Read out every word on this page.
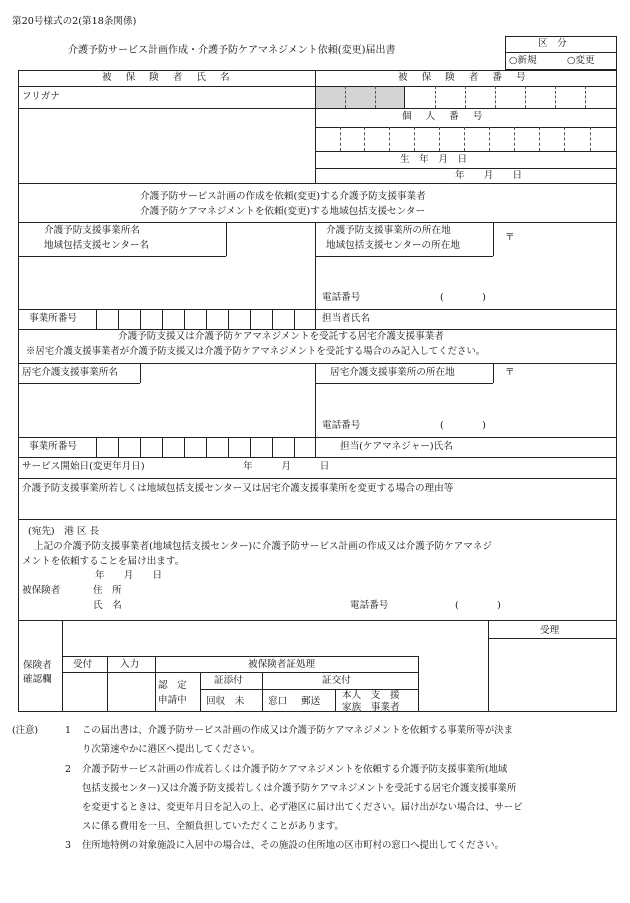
第20号様式の2(第18条関係)
介護予防サービス計画作成・介護予防ケアマネジメント依頼(変更)届出書
区　分
○新規	○変更
被保険者氏名	被保険者番号
フリガナ
個人番号
生　年　月　日
年　　月　　日
介護予防サービス計画の作成を依頼(変更)する介護予防支援事業者
介護予防ケアマネジメントを依頼(変更)する地域包括支援センター
介護予防支援事業所名
地域包括支援センター名
介護予防支援事業所の所在地
地域包括支援センターの所在地
〒
電話番号	(　　　　)
事業所番号	担当者氏名
介護予防支援又は介護予防ケアマネジメントを受託する居宅介護支援事業者
※居宅介護支援事業者が介護予防支援又は介護予防ケアマネジメントを受託する場合のみ記入してください。
居宅介護支援事業所名	居宅介護支援事業所の所在地	〒
電話番号	(　　　　)
事業所番号	担当(ケアマネジャー)氏名
サービス開始日(変更年月日)	年　　　月　　　日
介護予防支援事業所若しくは地域包括支援センター又は居宅介護支援事業所を変更する場合の理由等
(宛先)　港 区 長
上記の介護予防支援事業者(地域包括支援センター)に介護予防サービス計画の作成又は介護予防ケアマネジ
メントを依頼することを届け出ます。
年　　月　　日
被保険者	住　所
氏　名	電話番号	(　　　　)
保険者
確認欄
受理
受付	入力	被保険者証処理
認　定
申請中
証添付	証交付
回収　未 窓口 郵送
本人　支　援
家族　事業者
(注意)	1 この届出書は、介護予防サービス計画の作成又は介護予防ケアマネジメントを依頼する事業所等が決ま
り次第速やかに港区へ提出してください。
2 介護予防サービス計画の作成若しくは介護予防ケアマネジメントを依頼する介護予防支援事業所(地域
包括支援センター)又は介護予防支援若しくは介護予防ケアマネジメントを受託する居宅介護支援事業所
を変更するときは、変更年月日を記入の上、必ず港区に届け出てください。届け出がない場合は、サービ
スに係る費用を一旦、全額負担していただくことがあります。
3 住所地特例の対象施設に入居中の場合は、その施設の住所地の区市町村の窓口へ提出してください。
